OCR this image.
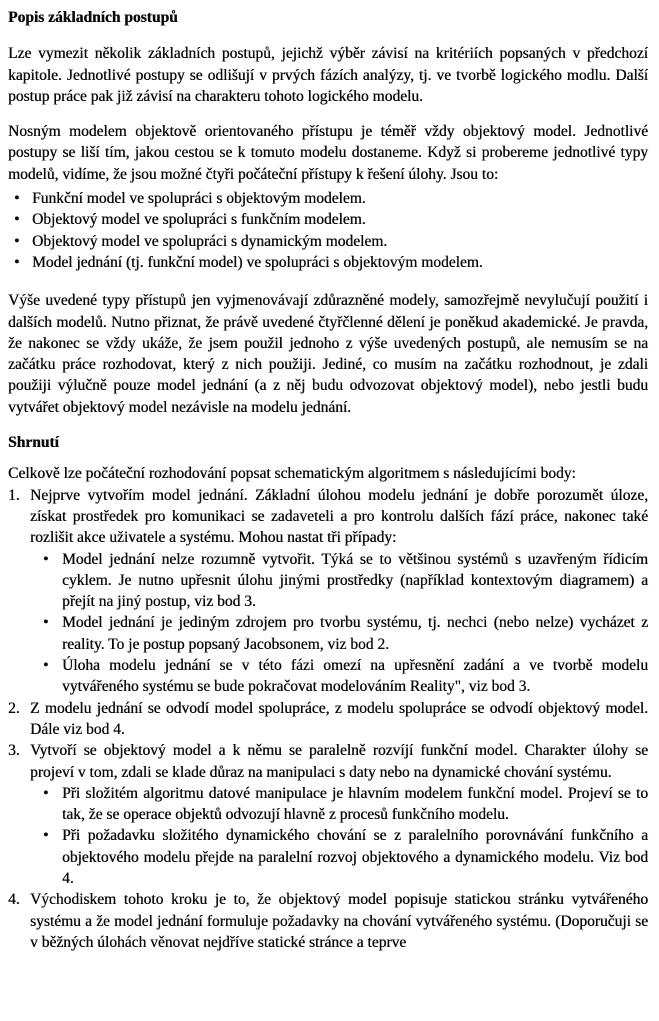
Popis základních postupů

Lze vymezit několik základních postupů, jejichž výběr závisí na kritériích popsaných v předchozí kapitole. Jednotlivé postupy se odlišují v prvých fázích analýzy, tj. ve tvorbě logického modlu. Další postup práce pak již závisí na charakteru tohoto logického modelu.

Nosným modelem objektově orientovaného přístupu je téměř vždy objektový model. Jednotlivé postupy se liší tím, jakou cestou se k tomuto modelu dostaneme. Když si probereme jednotlivé typy modelů, vidíme, že jsou možné čtyři počáteční přístupy k řešení úlohy. Jsou to:

• Funkční model ve spolupráci s objektovým modelem.
• Objektový model ve spolupráci s funkčním modelem.
• Objektový model ve spolupráci s dynamickým modelem.
• Model jednání (tj. funkční model) ve spolupráci s objektovým modelem.

Výše uvedené typy přístupů jen vyjmenovávají zdůrazněné modely, samozřejmě nevylučují použití i dalších modelů. Nutno přiznat, že právě uvedené čtyřčlenné dělení je poněkud akademické. Je pravda, že nakonec se vždy ukáže, že jsem použil jednoho z výše uvedených postupů, ale nemusím se na začátku práce rozhodovat, který z nich použiji. Jediné, co musím na začátku rozhodnout, je zdali použiji výlučně pouze model jednání (a z něj budu odvozovat objektový model), nebo jestli budu vytvářet objektový model nezávisle na modelu jednání.

Shrnutí

Celkově lze počáteční rozhodování popsat schematickým algoritmem s následujícími body:

1. Nejprve vytvořím model jednání. Základní úlohou modelu jednání je dobře porozumět úloze, získat prostředek pro komunikaci se zadaveteli a pro kontrolu dalších fází práce, nakonec také rozlišit akce uživatele a systému. Mohou nastat tři případy:
• Model jednání nelze rozumně vytvořit. Týká se to většinou systémů s uzavřeným řídicím cyklem. Je nutno upřesnit úlohu jinými prostředky (například kontextovým diagramem) a přejít na jiný postup, viz bod 3.
• Model jednání je jediným zdrojem pro tvorbu systému, tj. nechci (nebo nelze) vycházet z reality. To je postup popsaný Jacobsonem, viz bod 2.
• Úloha modelu jednání se v této fázi omezí na upřesnění zadání a ve tvorbě modelu vytvářeného systému se bude pokračovat modelováním Reality", viz bod 3.
2. Z modelu jednání se odvodí model spolupráce, z modelu spolupráce se odvodí objektový model. Dále viz bod 4.
3. Vytvoří se objektový model a k němu se paralelně rozvíjí funkční model. Charakter úlohy se projeví v tom, zdali se klade důraz na manipulaci s daty nebo na dynamické chování systému.
• Při složitém algoritmu datové manipulace je hlavním modelem funkční model. Projeví se to tak, že se operace objektů odvozují hlavně z procesů funkčního modelu.
• Při požadavku složitého dynamického chování se z paralelního porovnávání funkčního a objektového modelu přejde na paralelní rozvoj objektového a dynamického modelu. Viz bod 4.
4. Východiskem tohoto kroku je to, že objektový model popisuje statickou stránku vytvářeného systému a že model jednání formuluje požadavky na chování vytvářeného systému. (Doporučuji se v běžných úlohách věnovat nejdříve statické stránce a teprve
